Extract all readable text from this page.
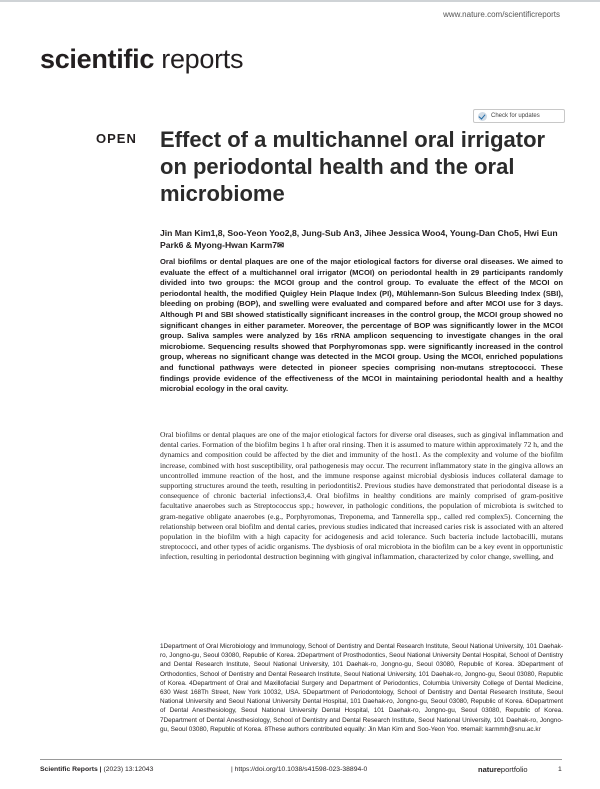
www.nature.com/scientificreports
scientific reports
Check for updates
OPEN Effect of a multichannel oral irrigator on periodontal health and the oral microbiome
Jin Man Kim1,8, Soo-Yeon Yoo2,8, Jung-Sub An3, Jihee Jessica Woo4, Young-Dan Cho5, Hwi Eun Park6 & Myong-Hwan Karm7✉

Oral biofilms or dental plaques are one of the major etiological factors for diverse oral diseases. We aimed to evaluate the effect of a multichannel oral irrigator (MCOI) on periodontal health in 29 participants randomly divided into two groups: the MCOI group and the control group. To evaluate the effect of the MCOI on periodontal health, the modified Quigley Hein Plaque Index (PI), Mühlemann-Son Sulcus Bleeding Index (SBI), bleeding on probing (BOP), and swelling were evaluated and compared before and after MCOI use for 3 days. Although PI and SBI showed statistically significant increases in the control group, the MCOI group showed no significant changes in either parameter. Moreover, the percentage of BOP was significantly lower in the MCOI group. Saliva samples were analyzed by 16s rRNA amplicon sequencing to investigate changes in the oral microbiome. Sequencing results showed that Porphyromonas spp. were significantly increased in the control group, whereas no significant change was detected in the MCOI group. Using the MCOI, enriched populations and functional pathways were detected in pioneer species comprising non-mutans streptococci. These findings provide evidence of the effectiveness of the MCOI in maintaining periodontal health and a healthy microbial ecology in the oral cavity.

Oral biofilms or dental plaques are one of the major etiological factors for diverse oral diseases, such as gingival inflammation and dental caries. Formation of the biofilm begins 1 h after oral rinsing. Then it is assumed to mature within approximately 72 h, and the dynamics and composition could be affected by the diet and immunity of the host1. As the complexity and volume of the biofilm increase, combined with host susceptibility, oral pathogenesis may occur. The recurrent inflammatory state in the gingiva allows an uncontrolled immune reaction of the host, and the immune response against microbial dysbiosis induces collateral damage to supporting structures around the teeth, resulting in periodontitis2. Previous studies have demonstrated that periodontal disease is a consequence of chronic bacterial infections3,4. Oral biofilms in healthy conditions are mainly comprised of gram-positive facultative anaerobes such as Streptococcus spp.; however, in pathologic conditions, the population of microbiota is switched to gram-negative obligate anaerobes (e.g., Porphyromonas, Treponema, and Tannerella spp., called red complex5). Concerning the relationship between oral biofilm and dental caries, previous studies indicated that increased caries risk is associated with an altered population in the biofilm with a high capacity for acidogenesis and acid tolerance. Such bacteria include lactobacilli, mutans streptococci, and other types of acidic organisms. The dysbiosis of oral microbiota in the biofilm can be a key event in opportunistic infection, resulting in periodontal destruction beginning with gingival inflammation, characterized by color change, swelling, and

1Department of Oral Microbiology and Immunology, School of Dentistry and Dental Research Institute, Seoul National University, 101 Daehak-ro, Jongno-gu, Seoul 03080, Republic of Korea. 2Department of Prosthodontics, Seoul National University Dental Hospital, School of Dentistry and Dental Research Institute, Seoul National University, 101 Daehak-ro, Jongno-gu, Seoul 03080, Republic of Korea. 3Department of Orthodontics, School of Dentistry and Dental Research Institute, Seoul National University, 101 Daehak-ro, Jongno-gu, Seoul 03080, Republic of Korea. 4Department of Oral and Maxillofacial Surgery and Department of Periodontics, Columbia University College of Dental Medicine, 630 West 168Th Street, New York 10032, USA. 5Department of Periodontology, School of Dentistry and Dental Research Institute, Seoul National University and Seoul National University Dental Hospital, 101 Daehak-ro, Jongno-gu, Seoul 03080, Republic of Korea. 6Department of Dental Anesthesiology, Seoul National University Dental Hospital, 101 Daehak-ro, Jongno-gu, Seoul 03080, Republic of Korea. 7Department of Dental Anesthesiology, School of Dentistry and Dental Research Institute, Seoul National University, 101 Daehak-ro, Jongno-gu, Seoul 03080, Republic of Korea. 8These authors contributed equally: Jin Man Kim and Soo-Yeon Yoo. ✉email: karmmh@snu.ac.kr

Scientific Reports | (2023) 13:12043	| https://doi.org/10.1038/s41598-023-38894-0	natureportfolio	1
